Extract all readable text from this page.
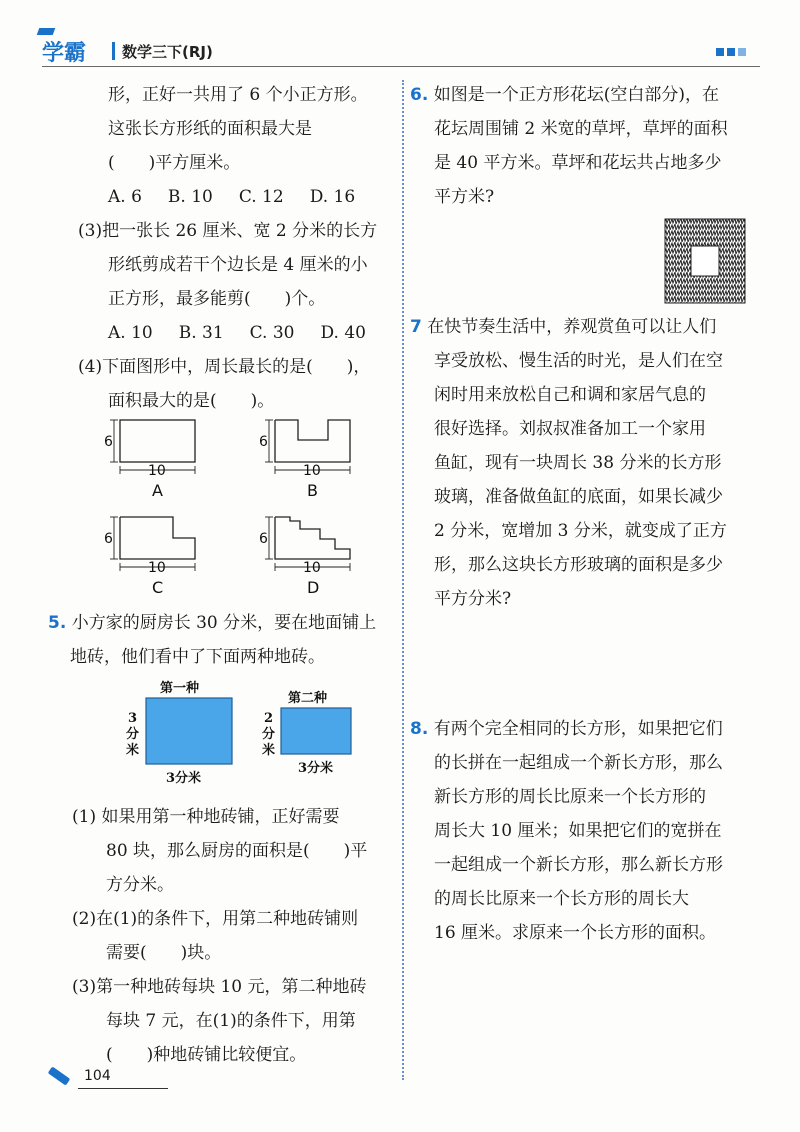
学霸 数学三下(RJ)

形，正好一共用了 6 个小正方形。

这张长方形纸的面积最大是

(　　)平方厘米。

A. 6 B. 10 C. 12 D. 16

(3)把一张长 26 厘米、宽 2 分米的长方

形纸剪成若干个边长是 4 厘米的小

正方形，最多能剪(　　)个。

A. 10 B. 31 C. 30 D. 40

(4)下面图形中，周长最长的是(　　)，

面积最大的是(　　)。

6
10
6
10
6
10
6
10
A	B
C	D

5. 小方家的厨房长 30 分米，要在地面铺上

地砖，他们看中了下面两种地砖。

第一种
第二种
3
分
米
3分米
2
分
米
3分米

(1) 如果用第一种地砖铺，正好需要

80 块，那么厨房的面积是(　　)平

方分米。

(2)在(1)的条件下，用第二种地砖铺则

需要(　　)块。

(3)第一种地砖每块 10 元，第二种地砖

每块 7 元，在(1)的条件下，用第

(　　)种地砖铺比较便宜。

6. 如图是一个正方形花坛(空白部分)，在

花坛周围铺 2 米宽的草坪，草坪的面积

是 40 平方米。草坪和花坛共占地多少

平方米?

7 在快节奏生活中，养观赏鱼可以让人们

享受放松、慢生活的时光，是人们在空

闲时用来放松自己和调和家居气息的

很好选择。刘叔叔准备加工一个家用

鱼缸，现有一块周长 38 分米的长方形

玻璃，准备做鱼缸的底面，如果长减少

2 分米，宽增加 3 分米，就变成了正方

形，那么这块长方形玻璃的面积是多少

平方分米?

8. 有两个完全相同的长方形，如果把它们

的长拼在一起组成一个新长方形，那么

新长方形的周长比原来一个长方形的

周长大 10 厘米；如果把它们的宽拼在

一起组成一个新长方形，那么新长方形

的周长比原来一个长方形的周长大

16 厘米。求原来一个长方形的面积。

104
